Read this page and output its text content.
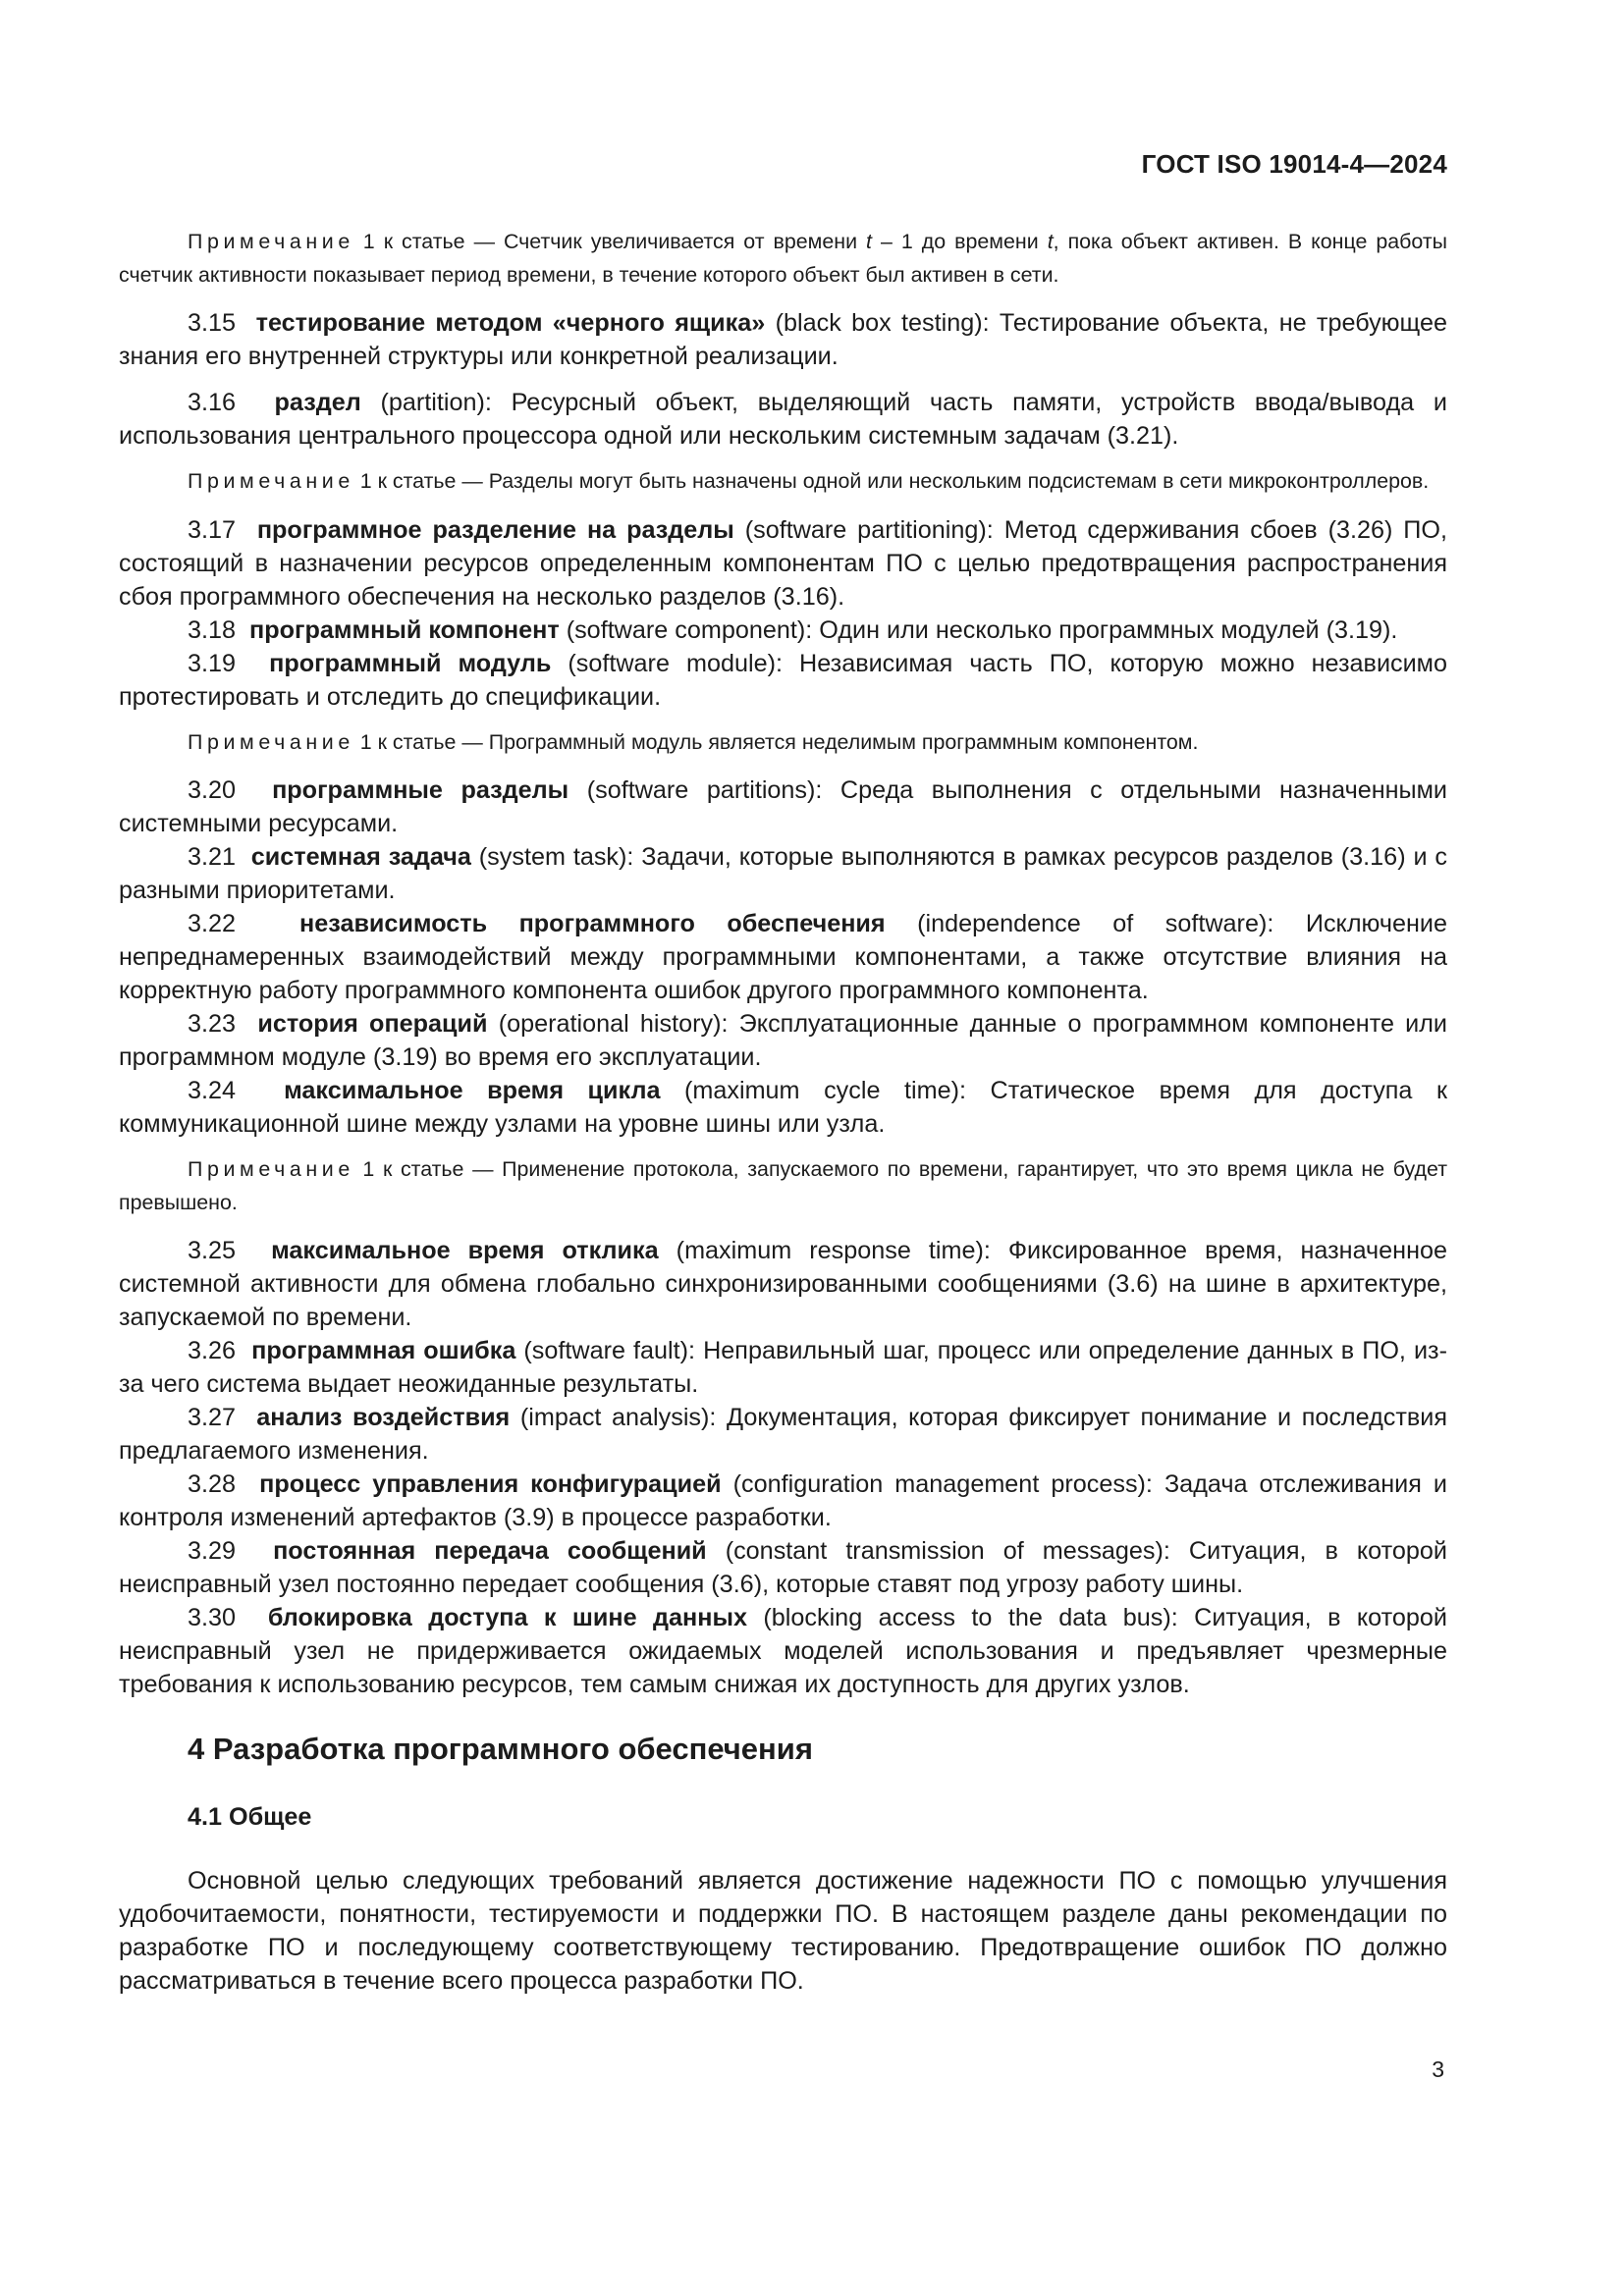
ГОСТ ISO 19014-4—2024

Примечание 1 к статье — Счетчик увеличивается от времени t – 1 до времени t, пока объект активен. В конце работы счетчик активности показывает период времени, в течение которого объект был активен в сети.

3.15 тестирование методом «черного ящика» (black box testing): Тестирование объекта, не требующее знания его внутренней структуры или конкретной реализации.

3.16 раздел (partition): Ресурсный объект, выделяющий часть памяти, устройств ввода/вывода и использования центрального процессора одной или нескольким системным задачам (3.21).

Примечание 1 к статье — Разделы могут быть назначены одной или нескольким подсистемам в сети микроконтроллеров.

3.17 программное разделение на разделы (software partitioning): Метод сдерживания сбоев (3.26) ПО, состоящий в назначении ресурсов определенным компонентам ПО с целью предотвращения распространения сбоя программного обеспечения на несколько разделов (3.16).

3.18 программный компонент (software component): Один или несколько программных модулей (3.19).

3.19 программный модуль (software module): Независимая часть ПО, которую можно независимо протестировать и отследить до спецификации.

Примечание 1 к статье — Программный модуль является неделимым программным компонентом.

3.20 программные разделы (software partitions): Среда выполнения с отдельными назначенными системными ресурсами.

3.21 системная задача (system task): Задачи, которые выполняются в рамках ресурсов разделов (3.16) и с разными приоритетами.

3.22	независимость программного обеспечения (independence of software): Исключение непреднамеренных взаимодействий между программными компонентами, а также отсутствие влияния на корректную работу программного компонента ошибок другого программного компонента.

3.23 история операций (operational history): Эксплуатационные данные о программном компоненте или программном модуле (3.19) во время его эксплуатации.

3.24 максимальное время цикла (maximum cycle time): Статическое время для доступа к коммуникационной шине между узлами на уровне шины или узла.

Примечание 1 к статье — Применение протокола, запускаемого по времени, гарантирует, что это время цикла не будет превышено.

3.25 максимальное время отклика (maximum response time): Фиксированное время, назначенное системной активности для обмена глобально синхронизированными сообщениями (3.6) на шине в архитектуре, запускаемой по времени.

3.26 программная ошибка (software fault): Неправильный шаг, процесс или определение данных в ПО, из-за чего система выдает неожиданные результаты.

3.27 анализ воздействия (impact analysis): Документация, которая фиксирует понимание и последствия предлагаемого изменения.

3.28 процесс управления конфигурацией (configuration management process): Задача отслеживания и контроля изменений артефактов (3.9) в процессе разработки.

3.29 постоянная передача сообщений (constant transmission of messages): Ситуация, в которой неисправный узел постоянно передает сообщения (3.6), которые ставят под угрозу работу шины.

3.30 блокировка доступа к шине данных (blocking access to the data bus): Ситуация, в которой неисправный узел не придерживается ожидаемых моделей использования и предъявляет чрезмерные требования к использованию ресурсов, тем самым снижая их доступность для других узлов.

4 Разработка программного обеспечения
4.1 Общее

Основной целью следующих требований является достижение надежности ПО с помощью улучшения удобочитаемости, понятности, тестируемости и поддержки ПО. В настоящем разделе даны рекомендации по разработке ПО и последующему соответствующему тестированию. Предотвращение ошибок ПО должно рассматриваться в течение всего процесса разработки ПО.

3
